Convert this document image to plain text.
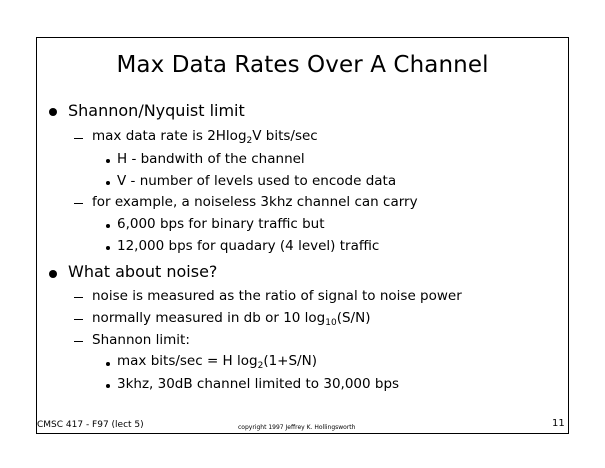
Max Data Rates Over A Channel
Shannon/Nyquist limit
max data rate is 2Hlog$_2$V bits/sec
H - bandwith of the channel
V - number of levels used to encode data
for example, a noiseless 3khz channel can carry
6,000 bps for binary traffic but
12,000 bps for quadary (4 level) traffic
What about noise?
noise is measured as the ratio of signal to noise power
normally measured in db or 10 $\log_{10}(S/N)$
Shannon limit:
max bits/sec = H $\log_2(1+S/N)$
3khz, 30dB channel limited to 30,000 bps
CMSC 417 - F97 (lect 5)	copyright 1997 Jeffrey K. Hollingsworth	11
